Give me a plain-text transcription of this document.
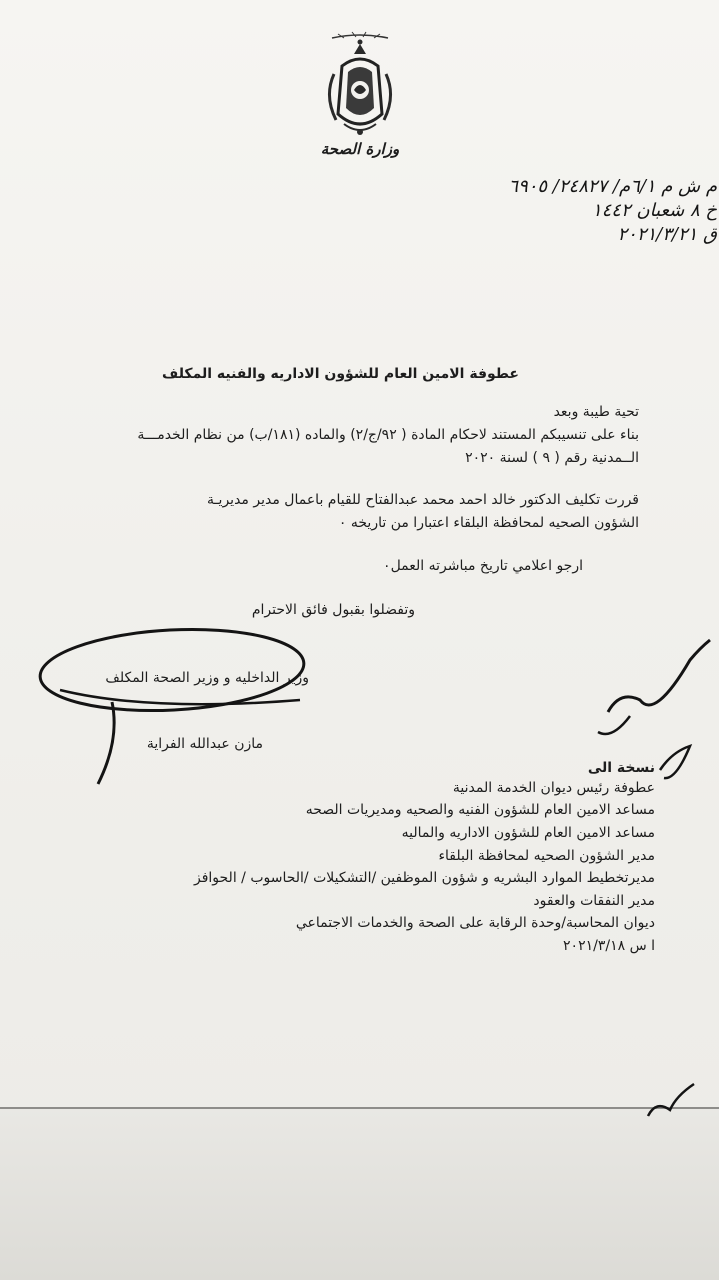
وزارة الصحة
م ش م ٦/١م/ ٢٤٨٢٧/ ٦٩٠٥
خ ٨ شعبان ١٤٤٢
ق ٢٠٢١/٣/٢١
عطوفة الامين العام للشؤون الاداريه والفنيه المكلف
تحية طيبة وبعد
بناء على تنسيبكم المستند لاحكام المادة ( ٩٢/ج/٢) والماده (١٨١/ب) من نظام الخدمـــة
الــمدنية رقم ( ٩ ) لسنة ٢٠٢٠
قررت تكليف الدكتور خالد احمد محمد عبدالفتاح للقيام باعمال مدير مديريـة
الشؤون الصحيه لمحافظة البلقاء اعتبارا من تاريخه ٠
ارجو اعلامي تاريخ مباشرته العمل٠
وتفضلوا بقبول فائق الاحترام
وزير الداخليه و وزير الصحة المكلف
مازن عبدالله الفراية
نسخة الى
عطوفة رئيس ديوان الخدمة المدنية
مساعد الامين العام للشؤون الفنيه والصحيه ومديريات الصحه
مساعد الامين العام للشؤون الاداريه والماليه
مدير الشؤون الصحيه لمحافظة البلقاء
مديرتخطيط الموارد البشريه و شؤون الموظفين /التشكيلات /الحاسوب / الحوافز
مدير النفقات والعقود
ديوان المحاسبة/وحدة الرقابة على الصحة والخدمات الاجتماعي
ا س ٢٠٢١/٣/١٨
